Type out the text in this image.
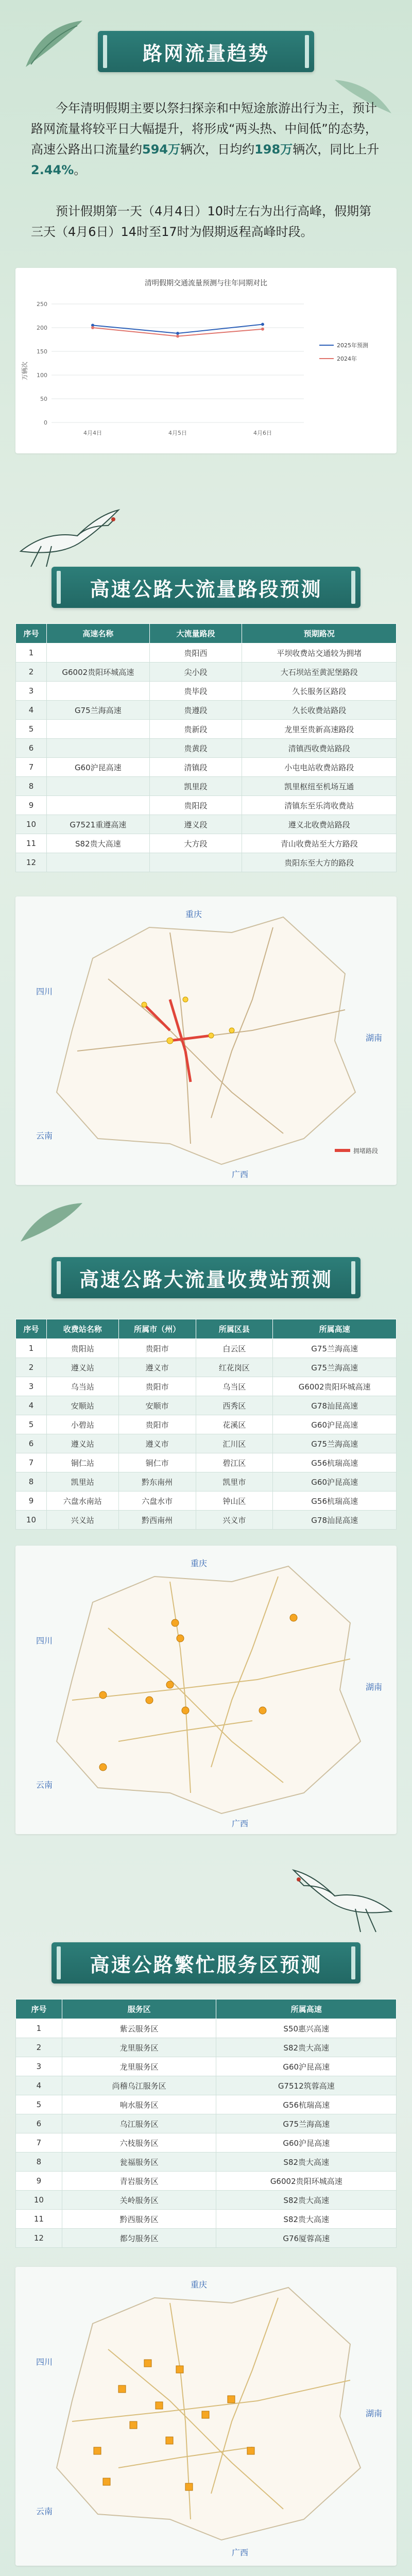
路网流量趋势
今年清明假期主要以祭扫探亲和中短途旅游出行为主，预计路网流量将较平日大幅提升，将形成“两头热、中间低”的态势，高速公路出口流量约594万辆次，日均约198万辆次，同比上升2.44%。
预计假期第一天（4月4日）10时左右为出行高峰，假期第三天（4月6日）14时至17时为假期返程高峰时段。
清明假期交通流量预测与往年同期对比
万辆次
0
50
100
150
200
250
4月4日	4月5日	4月6日
2025年预测
2024年
高速公路大流量路段预测
序号	高速名称	大流量路段	预期路况
1		贵阳西	平坝收费站交通较为拥堵
2	G6002贵阳环城高速	尖小段	大石坝站至黄泥堡路段
3		贵毕段	久长服务区路段
4	G75兰海高速	贵遵段	久长收费站路段
5		贵新段	龙里至贵新高速路段
6		贵黄段	清镇西收费站路段
7	G60沪昆高速	清镇段	小屯电站收费站路段
8		凯里段	凯里枢纽至机场互通
9		贵阳段	清镇东至乐湾收费站
10	G7521重遵高速	遵义段	遵义北收费站路段
11	S82贵大高速	大方段	青山收费站至大方路段
12			贵阳东至大方的路段
重庆
四川
湖南
云南
广西
拥堵路段
高速公路大流量收费站预测
序号	收费站名称	所属市（州）	所属区县	所属高速
1	贵阳站	贵阳市	白云区	G75兰海高速
2	遵义站	遵义市	红花岗区	G75兰海高速
3	乌当站	贵阳市	乌当区	G6002贵阳环城高速
4	安顺站	安顺市	西秀区	G78汕昆高速
5	小碧站	贵阳市	花溪区	G60沪昆高速
6	遵义站	遵义市	汇川区	G75兰海高速
7	铜仁站	铜仁市	碧江区	G56杭瑞高速
8	凯里站	黔东南州	凯里市	G60沪昆高速
9	六盘水南站	六盘水市	钟山区	G56杭瑞高速
10	兴义站	黔西南州	兴义市	G78汕昆高速
重庆
四川
湖南
云南
广西
高速公路繁忙服务区预测
序号	服务区	所属高速
1	紫云服务区	S50惠兴高速
2	龙里服务区	S82贵大高速
3	龙里服务区	G60沪昆高速
4	尚稽乌江服务区	G7512筑蓉高速
5	响水服务区	G56杭瑞高速
6	乌江服务区	G75兰海高速
7	六枝服务区	G60沪昆高速
8	瓮福服务区	S82贵大高速
9	青岩服务区	G6002贵阳环城高速
10	关岭服务区	S82贵大高速
11	黔西服务区	S82贵大高速
12	都匀服务区	G76厦蓉高速
重庆
四川
湖南
云南
广西
